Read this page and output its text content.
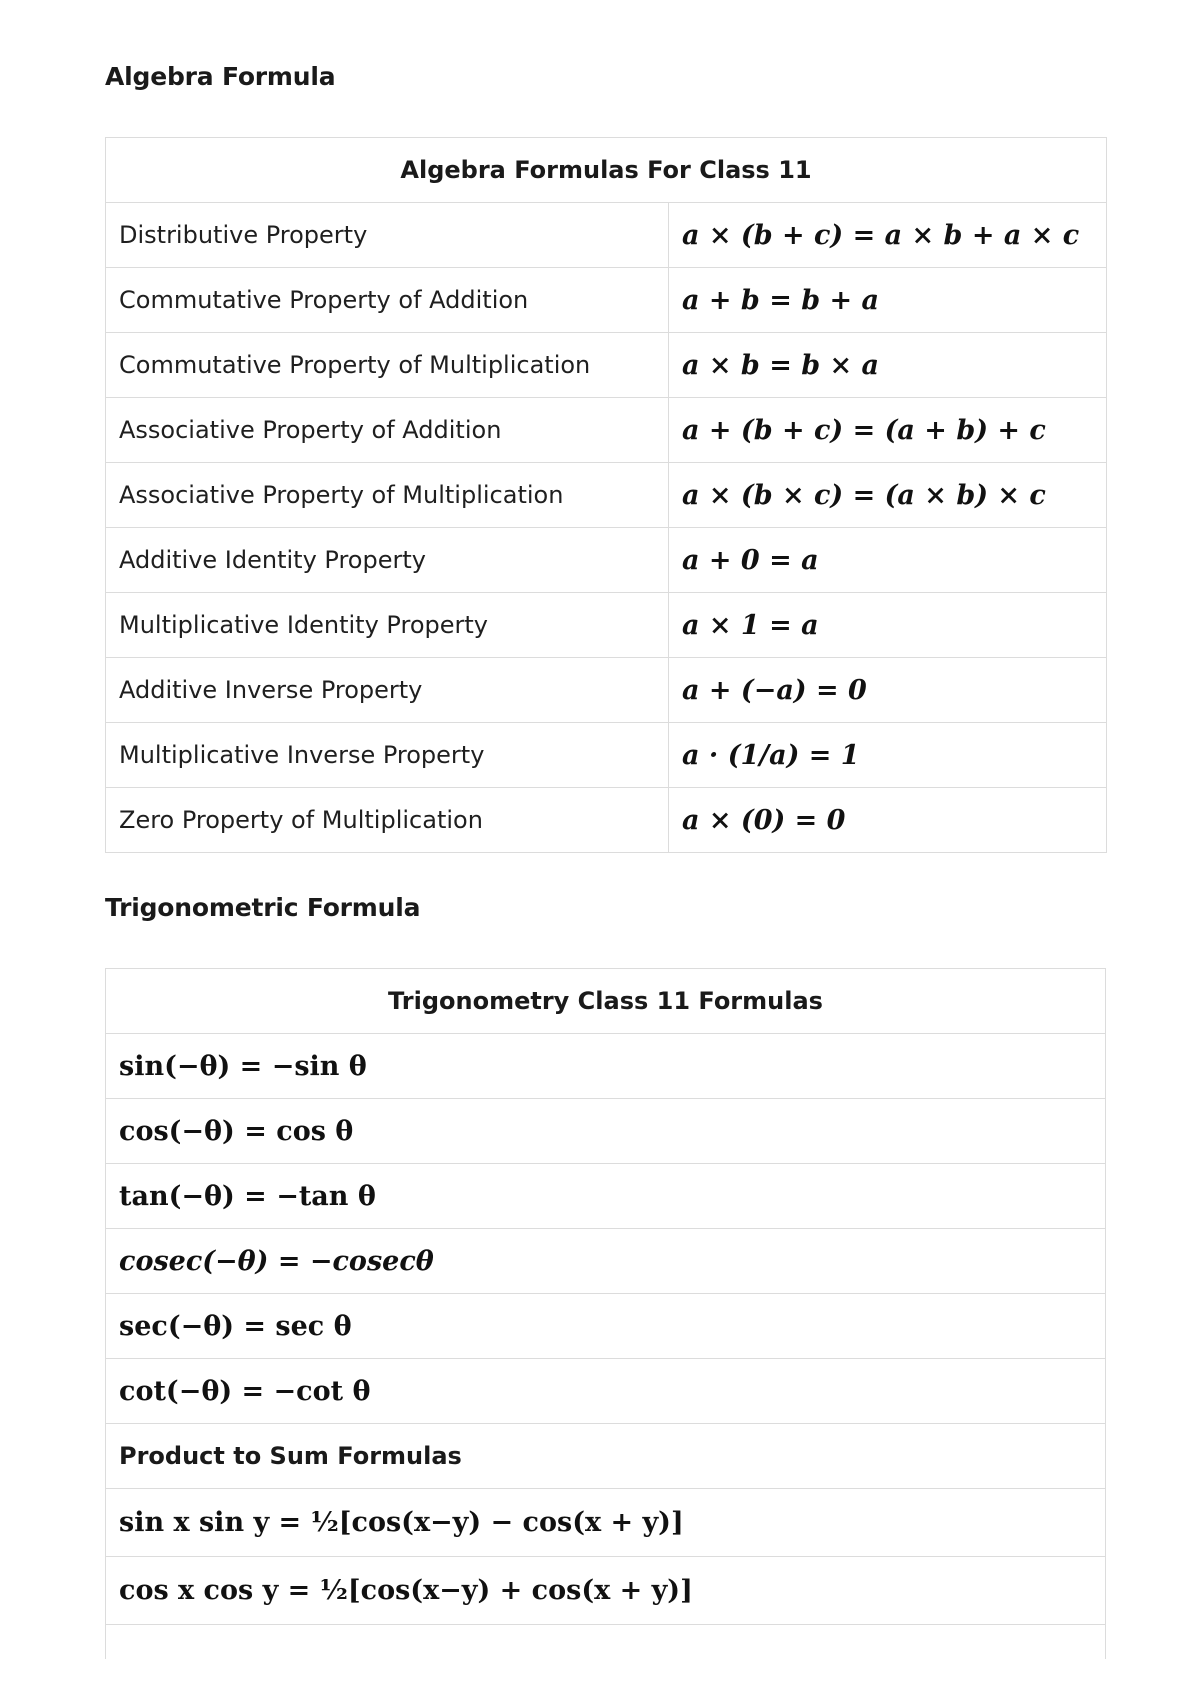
Algebra Formula
Algebra Formulas For Class 11	
Distributive Property	a × (b + c) = a × b + a × c
Commutative Property of Addition	a + b = b + a
Commutative Property of Multiplication	a × b = b × a
Associative Property of Addition	a + (b + c) = (a + b) + c
Associative Property of Multiplication	a × (b × c) = (a × b) × c
Additive Identity Property	a + 0 = a
Multiplicative Identity Property	a × 1 = a
Additive Inverse Property	a + (−a) = 0
Multiplicative Inverse Property	a · (1/a) = 1
Zero Property of Multiplication	a × (0) = 0
Trigonometric Formula
Trigonometry Class 11 Formulas
sin(−θ) = −sin θ
cos(−θ) = cos θ
tan(−θ) = −tan θ
cosec(−θ) = −cosecθ
sec(−θ) = sec θ
cot(−θ) = −cot θ
Product to Sum Formulas
sin x sin y = ½[cos(x−y) − cos(x + y)]
cos x cos y = ½[cos(x−y) + cos(x + y)]
